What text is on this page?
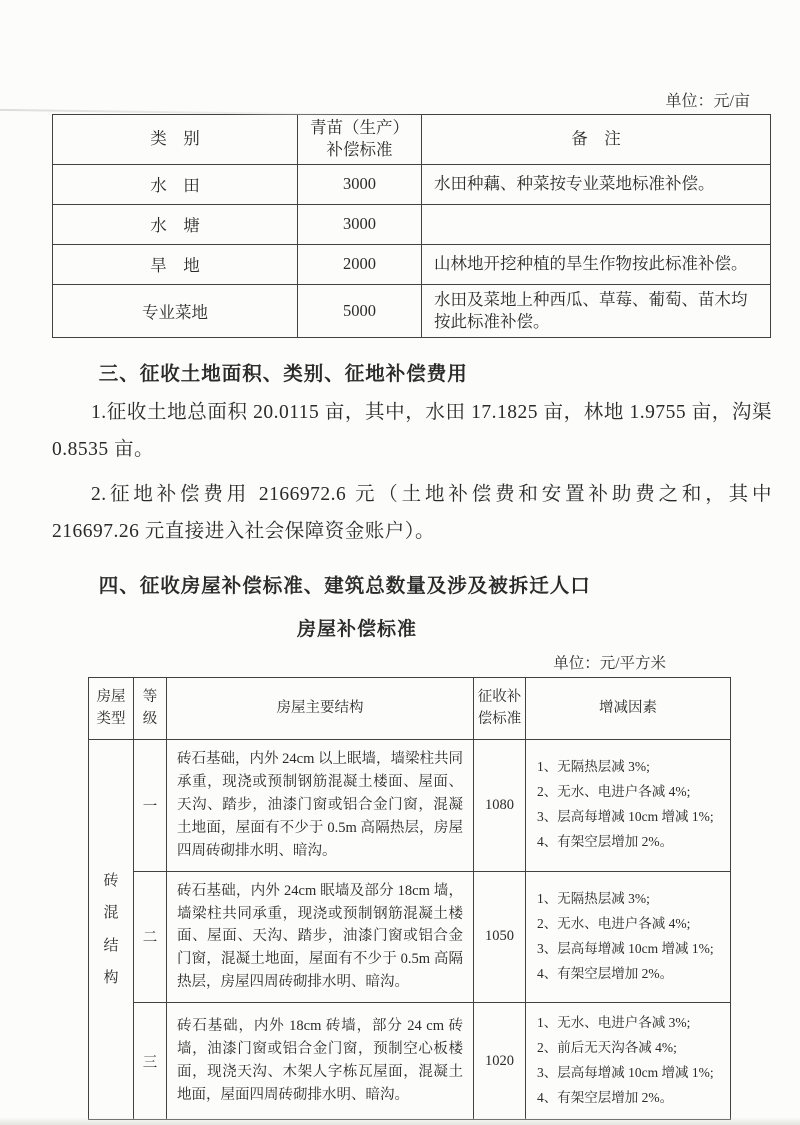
单位：元/亩
类　别	青苗（生产）补偿标准	备　注
水　田	3000	水田种藕、种菜按专业菜地标准补偿。
水　塘	3000	
旱　地	2000	山林地开挖种植的旱生作物按此标准补偿。
专业菜地	5000	水田及菜地上种西瓜、草莓、葡萄、苗木均按此标准补偿。
三、征收土地面积、类别、征地补偿费用

1.征收土地总面积 20.0115 亩，其中，水田 17.1825 亩，林地 1.9755 亩，沟渠 0.8535 亩。

2.征地补偿费用 2166972.6 元（土地补偿费和安置补助费之和，其中 216697.26 元直接进入社会保障资金账户）。

四、征收房屋补偿标准、建筑总数量及涉及被拆迁人口
房屋补偿标准
单位：元/平方米
房屋类型	等级	房屋主要结构	征收补偿标准	增减因素

砖混结构	一	砖石基础，内外 24cm 以上眠墙，墙梁柱共同承重，现浇或预制钢筋混凝土楼面、屋面、天沟、踏步，油漆门窗或铝合金门窗，混凝土地面，屋面有不少于 0.5m 高隔热层，房屋四周砖砌排水明、暗沟。	1080	1、无隔热层减 3%;
2、无水、电进户各减 4%;
3、层高每增减 10cm 增减 1%;
4、有架空层增加 2%。

	二	砖石基础，内外 24cm 眠墙及部分 18cm 墙，墙梁柱共同承重，现浇或预制钢筋混凝土楼面、屋面、天沟、踏步，油漆门窗或铝合金门窗，混凝土地面，屋面有不少于 0.5m 高隔热层，房屋四周砖砌排水明、暗沟。	1050	1、无隔热层减 3%;
2、无水、电进户各减 4%;
3、层高每增减 10cm 增减 1%;
4、有架空层增加 2%。

	三	砖石基础，内外 18cm 砖墙，部分 24 cm 砖墙，油漆门窗或铝合金门窗，预制空心板楼面，现浇天沟、木架人字栋瓦屋面，混凝土地面，屋面四周砖砌排水明、暗沟。	1020	1、无水、电进户各减 3%;
2、前后无天沟各减 4%;
3、层高每增减 10cm 增减 1%;
4、有架空层增加 2%。
